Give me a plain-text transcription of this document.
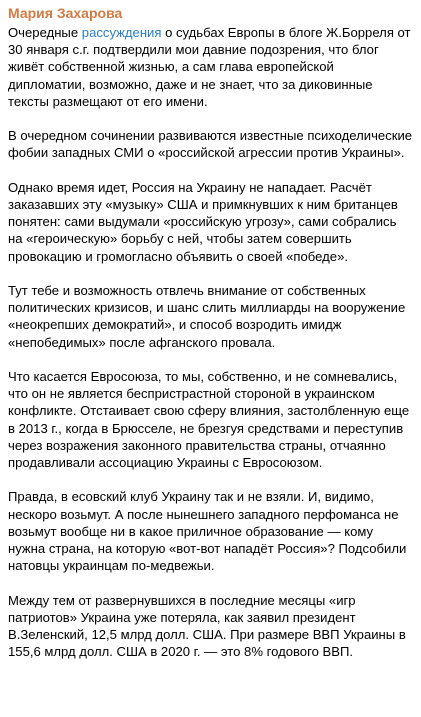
Мария Захарова

Очередные рассуждения о судьбах Европы в блоге Ж.Борреля от 30 января с.г. подтвердили мои давние подозрения, что блог живёт собственной жизнью, а сам глава европейской дипломатии, возможно, даже и не знает, что за диковинные тексты размещают от его имени.

В очередном сочинении развиваются известные психоделические фобии западных СМИ о «российской агрессии против Украины».

Однако время идет, Россия на Украину не нападает. Расчёт заказавших эту «музыку» США и примкнувших к ним британцев понятен: сами выдумали «российскую угрозу», сами собрались на «героическую» борьбу с ней, чтобы затем совершить провокацию и громогласно объявить о своей «победе».

Тут тебе и возможность отвлечь внимание от собственных политических кризисов, и шанс слить миллиарды на вооружение «неокрепших демократий», и способ возродить имидж «непобедимых» после афганского провала.

Что касается Евросоюза, то мы, собственно, и не сомневались, что он не является беспристрастной стороной в украинском конфликте. Отстаивает свою сферу влияния, застолбленную еще в 2013 г., когда в Брюсселе, не брезгуя средствами и переступив через возражения законного правительства страны, отчаянно продавливали ассоциацию Украины с Евросоюзом.

Правда, в есовский клуб Украину так и не взяли. И, видимо, нескоро возьмут. А после нынешнего западного перфоманса не возьмут вообще ни в какое приличное образование — кому нужна страна, на которую «вот-вот нападёт Россия»? Подсобили натовцы украинцам по-медвежьи.

Между тем от развернувшихся в последние месяцы «игр патриотов» Украина уже потеряла, как заявил президент В.Зеленский, 12,5 млрд долл. США. При размере ВВП Украины в 155,6 млрд долл. США в 2020 г. — это 8% годового ВВП.
